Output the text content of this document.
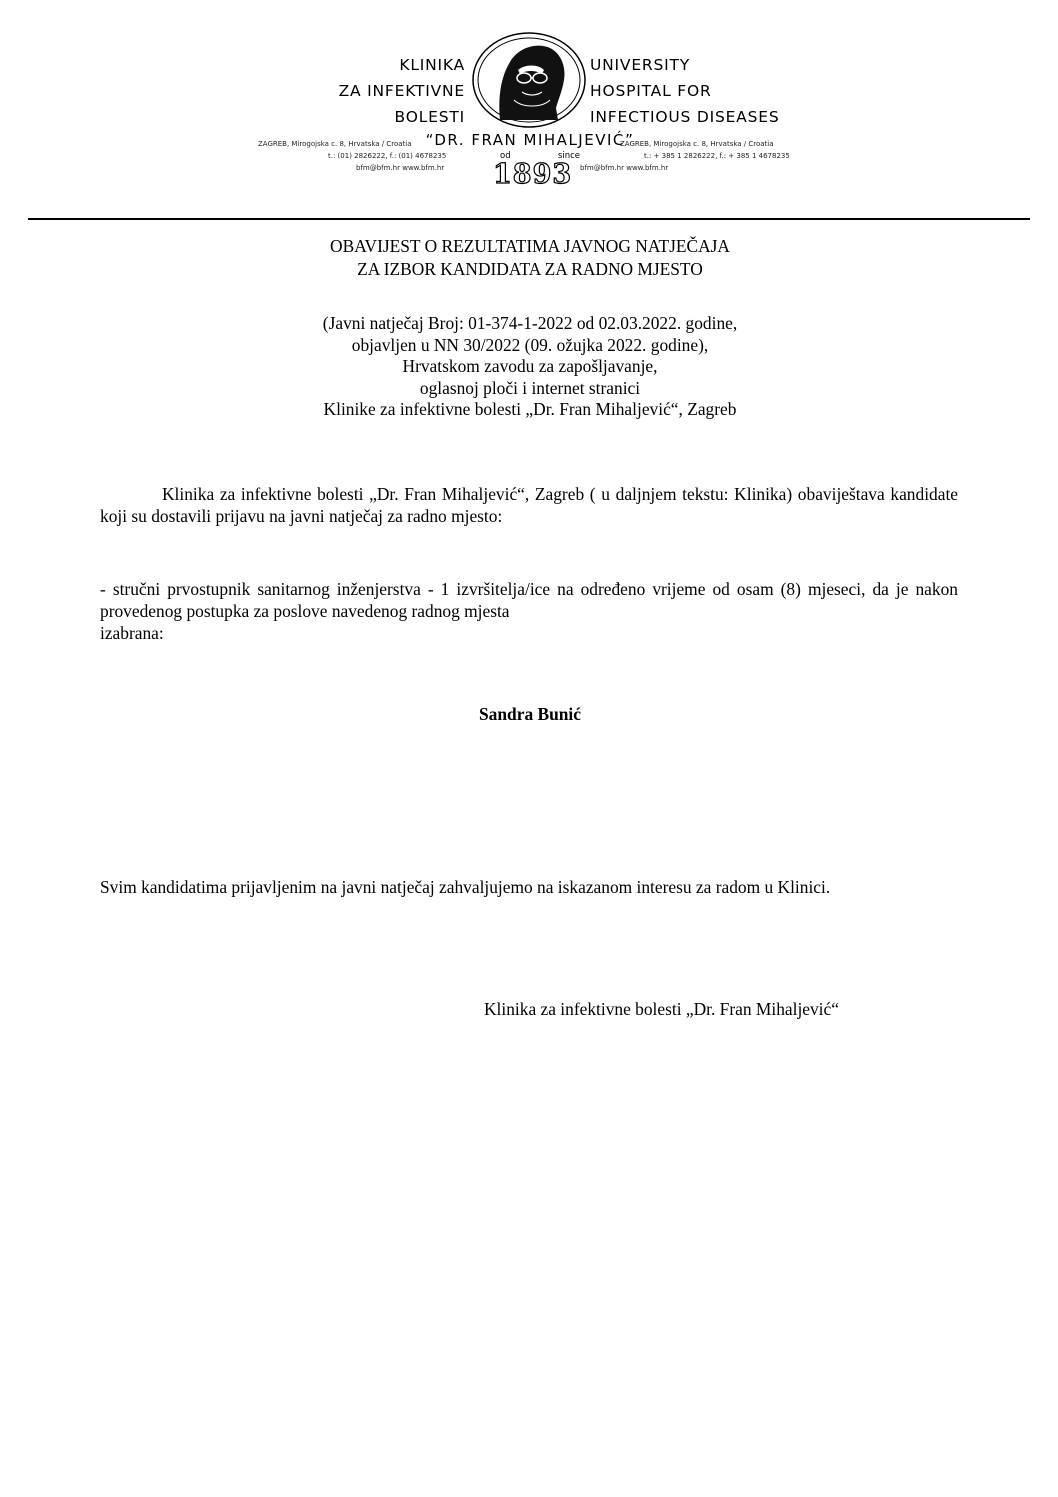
KLINIKA
ZA INFEKTIVNE
BOLESTI
UNIVERSITY
HOSPITAL FOR
INFECTIOUS DISEASES
“DR. FRAN MIHALJEVIĆ”
ZAGREB, Mirogojska c. 8, Hrvatska / Croatia
t.: (01) 2826222, f.: (01) 4678235
bfm@bfm.hr www.bfm.hr
od	since
1893
ZAGREB, Mirogojska c. 8, Hrvatska / Croatia
t.: + 385 1 2826222, f.: + 385 1 4678235
bfm@bfm.hr www.bfm.hr
OBAVIJEST O REZULTATIMA JAVNOG NATJEČAJA
ZA IZBOR KANDIDATA ZA RADNO MJESTO
(Javni natječaj Broj: 01-374-1-2022 od 02.03.2022. godine,
objavljen u NN 30/2022 (09. ožujka 2022. godine),
Hrvatskom zavodu za zapošljavanje,
oglasnoj ploči i internet stranici
Klinike za infektivne bolesti „Dr. Fran Mihaljević“, Zagreb
Klinika za infektivne bolesti „Dr. Fran Mihaljević“, Zagreb ( u daljnjem tekstu: Klinika) obaviještava kandidate koji su dostavili prijavu na javni natječaj za radno mjesto:
- stručni prvostupnik sanitarnog inženjerstva - 1 izvršitelja/ice na određeno vrijeme od osam (8) mjeseci, da je nakon provedenog postupka za poslove navedenog radnog mjesta
izabrana:
Sandra Bunić
Svim kandidatima prijavljenim na javni natječaj zahvaljujemo na iskazanom interesu za radom u Klinici.
Klinika za infektivne bolesti „Dr. Fran Mihaljević“
